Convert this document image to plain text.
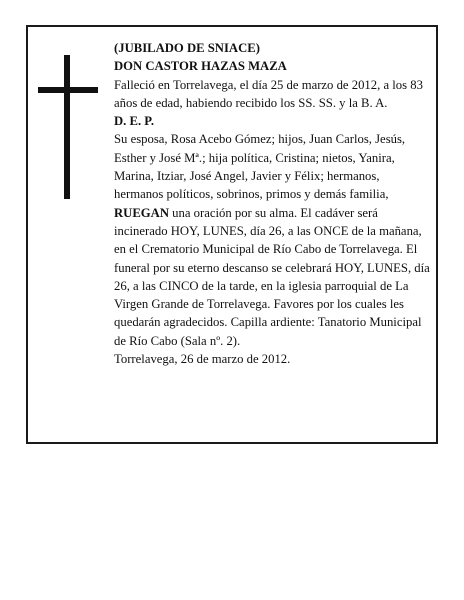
(JUBILADO DE SNIACE)

DON CASTOR HAZAS MAZA

Falleció en Torrelavega, el día 25 de marzo de 2012, a los 83 años de edad, habiendo recibido los SS. SS. y la B. A.

D. E. P.

Su esposa, Rosa Acebo Gómez; hijos, Juan Carlos, Jesús, Esther y José Mª.; hija política, Cristina; nietos, Yanira, Marina, Itziar, José Angel, Javier y Félix; hermanos, hermanos políticos, sobrinos, primos y demás familia,

RUEGAN una oración por su alma. El cadáver será incinerado HOY, LUNES, día 26, a las ONCE de la mañana, en el Crematorio Municipal de Río Cabo de Torrelavega. El funeral por su eterno descanso se celebrará HOY, LUNES, día 26, a las CINCO de la tarde, en la iglesia parroquial de La Virgen Grande de Torrelavega. Favores por los cuales les quedarán agradecidos. Capilla ardiente: Tanatorio Municipal de Río Cabo (Sala nº. 2).

Torrelavega, 26 de marzo de 2012.
